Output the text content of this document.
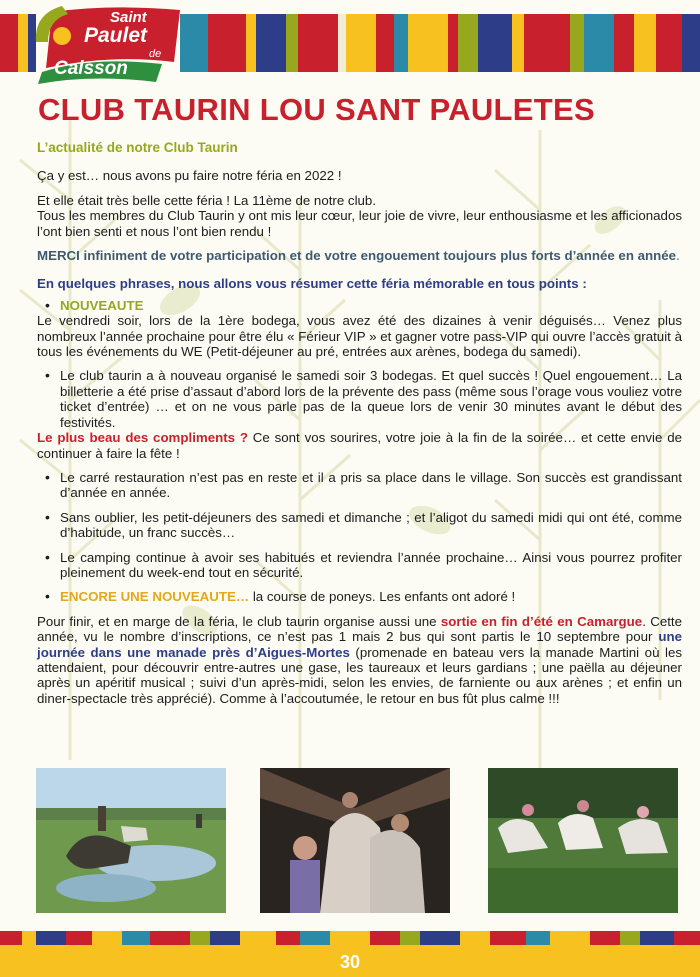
Saint
Paulet
de
Caisson
CLUB TAURIN LOU SANT PAULETES

L’actualité de notre Club Taurin

Ça y est… nous avons pu faire notre féria en 2022 !

Et elle était très belle cette féria ! La 11ème de notre club.

Tous les membres du Club Taurin y ont mis leur cœur, leur joie de vivre, leur enthousiasme et les afficionados l’ont bien senti et nous l’ont bien rendu !

MERCI infiniment de votre participation et de votre engouement toujours plus forts d’année en année.

En quelques phrases, nous allons vous résumer cette féria mémorable en tous points :

• NOUVEAUTE

Le vendredi soir, lors de la 1ère bodega, vous avez été des dizaines à venir déguisés… Venez plus nombreux l’année prochaine pour être élu « Férieur VIP » et gagner votre pass-VIP qui ouvre l’accès gratuit à tous les événements du WE (Petit-déjeuner au pré, entrées aux arènes, bodega du samedi).

• Le club taurin a à nouveau organisé le samedi soir 3 bodegas. Et quel succès ! Quel engouement… La billetterie a été prise d’assaut d’abord lors de la prévente des pass (même sous l’orage vous vouliez votre ticket d’entrée) … et on ne vous parle pas de la queue lors de venir 30 minutes avant le début des festivités.

Le plus beau des compliments ? Ce sont vos sourires, votre joie à la fin de la soirée… et cette envie de continuer à faire la fête !

• Le carré restauration n’est pas en reste et il a pris sa place dans le village. Son succès est grandissant d’année en année.
• Sans oublier, les petit-déjeuners des samedi et dimanche ; et l’aligot du samedi midi qui ont été, comme d’habitude, un franc succès…
• Le camping continue à avoir ses habitués et reviendra l’année prochaine… Ainsi vous pourrez profiter pleinement du week-end tout en sécurité.
• ENCORE UNE NOUVEAUTE… la course de poneys. Les enfants ont adoré !

Pour finir, et en marge de la féria, le club taurin organise aussi une sortie en fin d’été en Camargue. Cette année, vu le nombre d’inscriptions, ce n’est pas 1 mais 2 bus qui sont partis le 10 septembre pour une journée dans une manade près d’Aigues-Mortes (promenade en bateau vers la manade Martini où les attendaient, pour découvrir entre-autres une gase, les taureaux et leurs gardians ; une paëlla au déjeuner après un apéritif musical ; suivi d’un après-midi, selon les envies, de farniente ou aux arènes ; et enfin un diner-spectacle très apprécié). Comme à l’accoutumée, le retour en bus fût plus calme !!!

30
